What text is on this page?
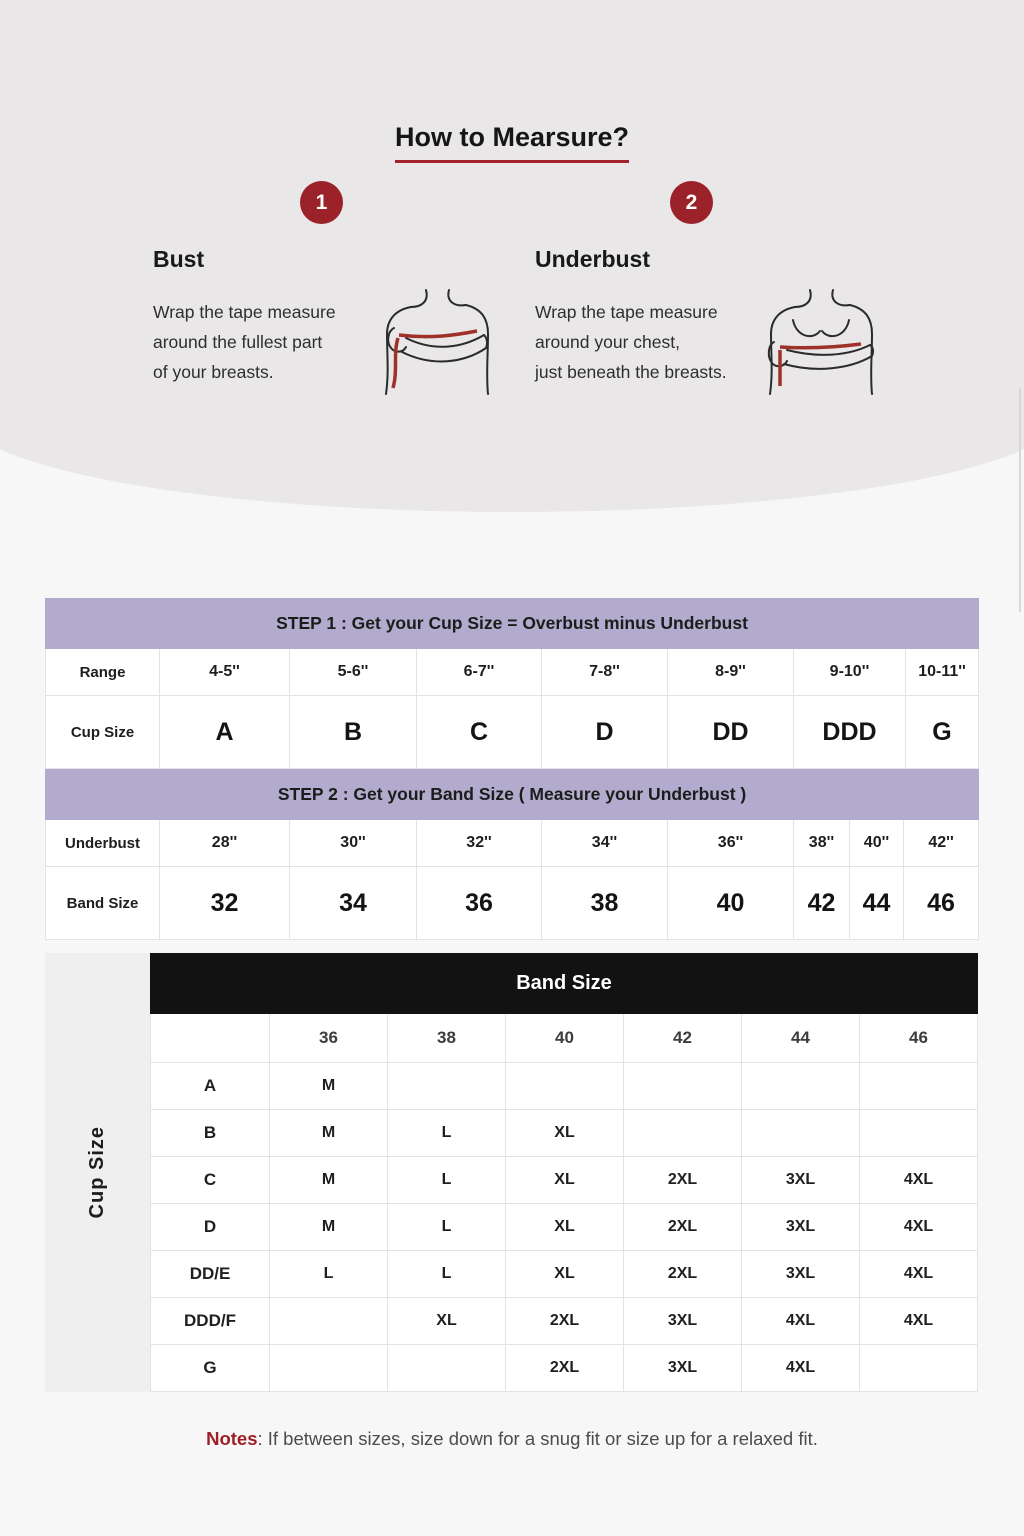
How to Mearsure?
1	2
Bust
Wrap the tape measure
around the fullest part
of your breasts.
Underbust
Wrap the tape measure
around your chest,
just beneath the breasts.
STEP 1 : Get your Cup Size = Overbust minus Underbust							
Range	4-5''	5-6''	6-7''	7-8''	8-9''	9-10''	10-11''
Cup Size	A	B	C	D	DD	DDD	G
STEP 2 : Get your Band Size ( Measure your Underbust )								
Underbust	28''	30''	32''	34''	36''	38''	40''	42''
Band Size	32	34	36	38	40	42	44	46
Cup Size
Band Size						
	36	38	40	42	44	46
A	M					
B	M	L	XL			
C	M	L	XL	2XL	3XL	4XL
D	M	L	XL	2XL	3XL	4XL
DD/E	L	L	XL	2XL	3XL	4XL
DDD/F		XL	2XL	3XL	4XL	4XL
G			2XL	3XL	4XL	
Notes: If between sizes, size down for a snug fit or size up for a relaxed fit.
